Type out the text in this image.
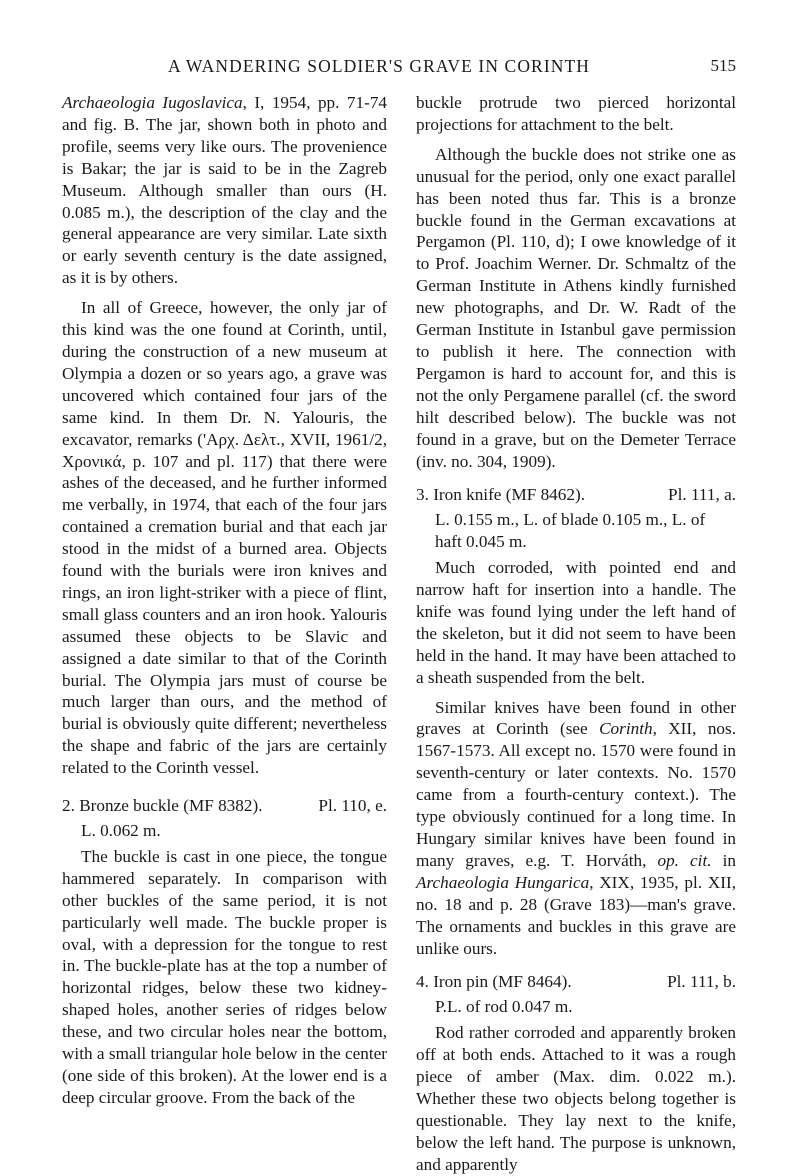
A WANDERING SOLDIER'S GRAVE IN CORINTH	515

Archaeologia Iugoslavica, I, 1954, pp. 71-74 and fig. B. The jar, shown both in photo and profile, seems very like ours. The provenience is Bakar; the jar is said to be in the Zagreb Museum. Although smaller than ours (H. 0.085 m.), the description of the clay and the general appearance are very similar. Late sixth or early seventh century is the date assigned, as it is by others.

In all of Greece, however, the only jar of this kind was the one found at Corinth, until, during the construction of a new museum at Olympia a dozen or so years ago, a grave was uncovered which contained four jars of the same kind. In them Dr. N. Yalouris, the excavator, remarks ('Αρχ. Δελτ., XVII, 1961/2, Χρονικά, p. 107 and pl. 117) that there were ashes of the deceased, and he further informed me verbally, in 1974, that each of the four jars contained a cremation burial and that each jar stood in the midst of a burned area. Objects found with the burials were iron knives and rings, an iron light-striker with a piece of flint, small glass counters and an iron hook. Yalouris assumed these objects to be Slavic and assigned a date similar to that of the Corinth burial. The Olympia jars must of course be much larger than ours, and the method of burial is obviously quite different; nevertheless the shape and fabric of the jars are certainly related to the Corinth vessel.

2. Bronze buckle (MF 8382).	Pl. 110, e.
L. 0.062 m.

The buckle is cast in one piece, the tongue hammered separately. In comparison with other buckles of the same period, it is not particularly well made. The buckle proper is oval, with a depression for the tongue to rest in. The buckle-plate has at the top a number of horizontal ridges, below these two kidney-shaped holes, another series of ridges below these, and two circular holes near the bottom, with a small triangular hole below in the center (one side of this broken). At the lower end is a deep circular groove. From the back of the

buckle protrude two pierced horizontal projections for attachment to the belt.

Although the buckle does not strike one as unusual for the period, only one exact parallel has been noted thus far. This is a bronze buckle found in the German excavations at Pergamon (Pl. 110, d); I owe knowledge of it to Prof. Joachim Werner. Dr. Schmaltz of the German Institute in Athens kindly furnished new photographs, and Dr. W. Radt of the German Institute in Istanbul gave permission to publish it here. The connection with Pergamon is hard to account for, and this is not the only Pergamene parallel (cf. the sword hilt described below). The buckle was not found in a grave, but on the Demeter Terrace (inv. no. 304, 1909).

3. Iron knife (MF 8462).	Pl. 111, a.
L. 0.155 m., L. of blade 0.105 m., L. of haft 0.045 m.

Much corroded, with pointed end and narrow haft for insertion into a handle. The knife was found lying under the left hand of the skeleton, but it did not seem to have been held in the hand. It may have been attached to a sheath suspended from the belt.

Similar knives have been found in other graves at Corinth (see Corinth, XII, nos. 1567-1573. All except no. 1570 were found in seventh-century or later contexts. No. 1570 came from a fourth-century context.). The type obviously continued for a long time. In Hungary similar knives have been found in many graves, e.g. T. Horváth, op. cit. in Archaeologia Hungarica, XIX, 1935, pl. XII, no. 18 and p. 28 (Grave 183)—man's grave. The ornaments and buckles in this grave are unlike ours.

4. Iron pin (MF 8464).	Pl. 111, b.
P.L. of rod 0.047 m.

Rod rather corroded and apparently broken off at both ends. Attached to it was a rough piece of amber (Max. dim. 0.022 m.). Whether these two objects belong together is questionable. They lay next to the knife, below the left hand. The purpose is unknown, and apparently
